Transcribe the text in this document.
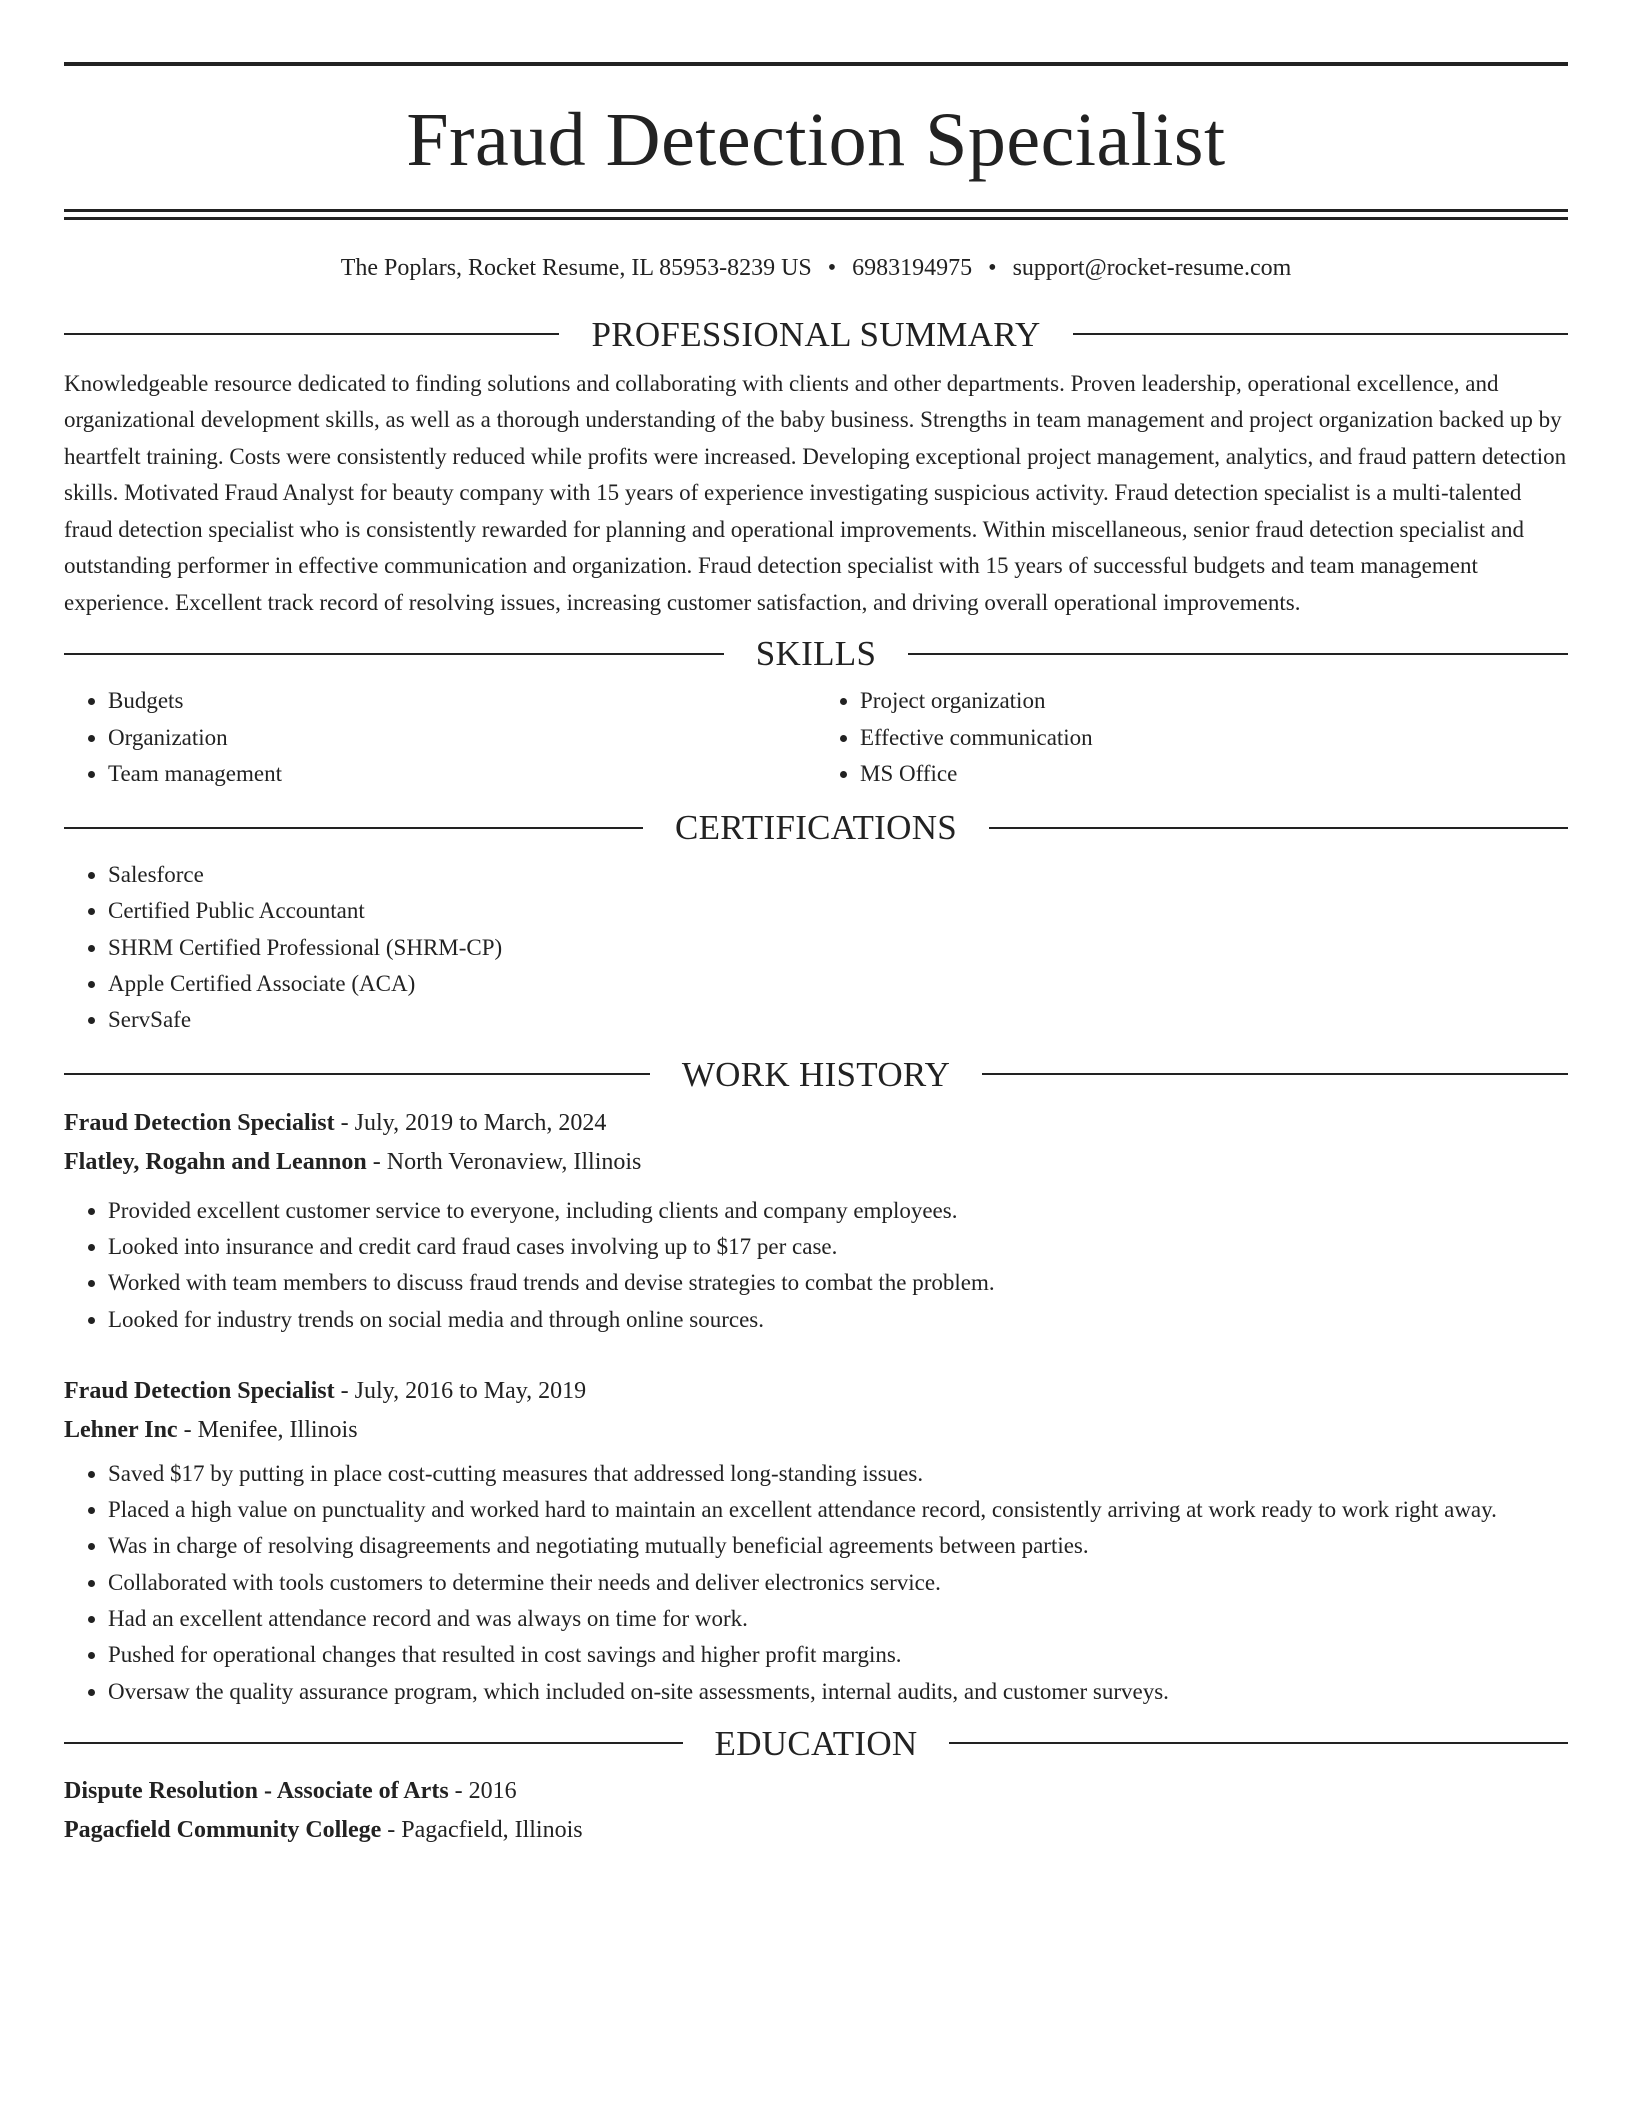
Fraud Detection Specialist
The Poplars, Rocket Resume, IL 85953-8239 US • 6983194975 • support@rocket-resume.com
PROFESSIONAL SUMMARY

Knowledgeable resource dedicated to finding solutions and collaborating with clients and other departments. Proven leadership, operational excellence, and organizational development skills, as well as a thorough understanding of the baby business. Strengths in team management and project organization backed up by heartfelt training. Costs were consistently reduced while profits were increased. Developing exceptional project management, analytics, and fraud pattern detection skills. Motivated Fraud Analyst for beauty company with 15 years of experience investigating suspicious activity. Fraud detection specialist is a multi-talented fraud detection specialist who is consistently rewarded for planning and operational improvements. Within miscellaneous, senior fraud detection specialist and outstanding performer in effective communication and organization. Fraud detection specialist with 15 years of successful budgets and team management experience. Excellent track record of resolving issues, increasing customer satisfaction, and driving overall operational improvements.

SKILLS
• Budgets
• Organization
• Team management
• Project organization
• Effective communication
• MS Office
CERTIFICATIONS
• Salesforce
• Certified Public Accountant
• SHRM Certified Professional (SHRM-CP)
• Apple Certified Associate (ACA)
• ServSafe
WORK HISTORY
Fraud Detection Specialist - July, 2019 to March, 2024
Flatley, Rogahn and Leannon - North Veronaview, Illinois
• Provided excellent customer service to everyone, including clients and company employees.
• Looked into insurance and credit card fraud cases involving up to $17 per case.
• Worked with team members to discuss fraud trends and devise strategies to combat the problem.
• Looked for industry trends on social media and through online sources.
Fraud Detection Specialist - July, 2016 to May, 2019
Lehner Inc - Menifee, Illinois
• Saved $17 by putting in place cost-cutting measures that addressed long-standing issues.
• Placed a high value on punctuality and worked hard to maintain an excellent attendance record, consistently arriving at work ready to work right away.
• Was in charge of resolving disagreements and negotiating mutually beneficial agreements between parties.
• Collaborated with tools customers to determine their needs and deliver electronics service.
• Had an excellent attendance record and was always on time for work.
• Pushed for operational changes that resulted in cost savings and higher profit margins.
• Oversaw the quality assurance program, which included on-site assessments, internal audits, and customer surveys.
EDUCATION
Dispute Resolution - Associate of Arts - 2016
Pagacfield Community College - Pagacfield, Illinois
